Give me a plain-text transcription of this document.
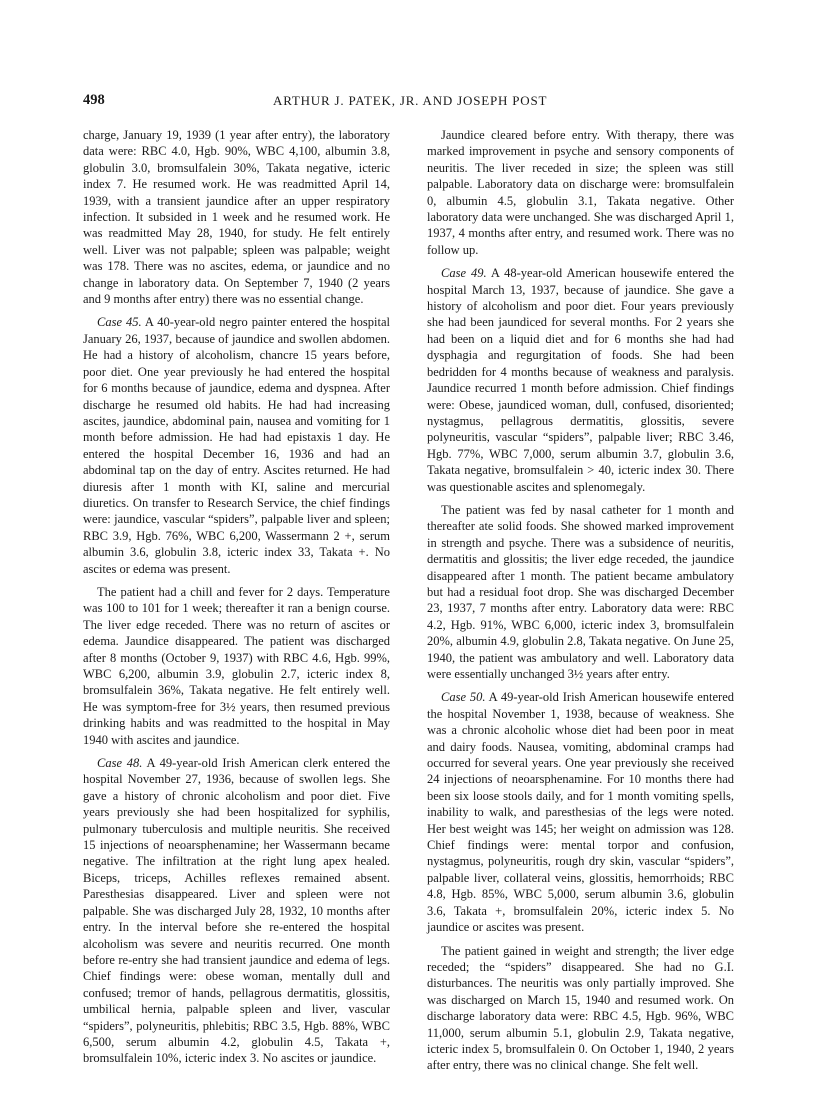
498	ARTHUR J. PATEK, JR. AND JOSEPH POST

charge, January 19, 1939 (1 year after entry), the laboratory data were: RBC 4.0, Hgb. 90%, WBC 4,100, albumin 3.8, globulin 3.0, bromsulfalein 30%, Takata negative, icteric index 7. He resumed work. He was readmitted April 14, 1939, with a transient jaundice after an upper respiratory infection. It subsided in 1 week and he resumed work. He was readmitted May 28, 1940, for study. He felt entirely well. Liver was not palpable; spleen was palpable; weight was 178. There was no ascites, edema, or jaundice and no change in laboratory data. On September 7, 1940 (2 years and 9 months after entry) there was no essential change.

Case 45. A 40-year-old negro painter entered the hospital January 26, 1937, because of jaundice and swollen abdomen. He had a history of alcoholism, chancre 15 years before, poor diet. One year previously he had entered the hospital for 6 months because of jaundice, edema and dyspnea. After discharge he resumed old habits. He had had increasing ascites, jaundice, abdominal pain, nausea and vomiting for 1 month before admission. He had had epistaxis 1 day. He entered the hospital December 16, 1936 and had an abdominal tap on the day of entry. Ascites returned. He had diuresis after 1 month with KI, saline and mercurial diuretics. On transfer to Research Service, the chief findings were: jaundice, vascular “spiders”, palpable liver and spleen; RBC 3.9, Hgb. 76%, WBC 6,200, Wassermann 2 +, serum albumin 3.6, globulin 3.8, icteric index 33, Takata +. No ascites or edema was present.

The patient had a chill and fever for 2 days. Temperature was 100 to 101 for 1 week; thereafter it ran a benign course. The liver edge receded. There was no return of ascites or edema. Jaundice disappeared. The patient was discharged after 8 months (October 9, 1937) with RBC 4.6, Hgb. 99%, WBC 6,200, albumin 3.9, globulin 2.7, icteric index 8, bromsulfalein 36%, Takata negative. He felt entirely well. He was symptom-free for 3½ years, then resumed previous drinking habits and was readmitted to the hospital in May 1940 with ascites and jaundice.

Case 48. A 49-year-old Irish American clerk entered the hospital November 27, 1936, because of swollen legs. She gave a history of chronic alcoholism and poor diet. Five years previously she had been hospitalized for syphilis, pulmonary tuberculosis and multiple neuritis. She received 15 injections of neoarsphenamine; her Wassermann became negative. The infiltration at the right lung apex healed. Biceps, triceps, Achilles reflexes remained absent. Paresthesias disappeared. Liver and spleen were not palpable. She was discharged July 28, 1932, 10 months after entry. In the interval before she re-entered the hospital alcoholism was severe and neuritis recurred. One month before re-entry she had transient jaundice and edema of legs. Chief findings were: obese woman, mentally dull and confused; tremor of hands, pellagrous dermatitis, glossitis, umbilical hernia, palpable spleen and liver, vascular “spiders”, polyneuritis, phlebitis; RBC 3.5, Hgb. 88%, WBC 6,500, serum albumin 4.2, globulin 4.5, Takata +, bromsulfalein 10%, icteric index 3. No ascites or jaundice.

Jaundice cleared before entry. With therapy, there was marked improvement in psyche and sensory components of neuritis. The liver receded in size; the spleen was still palpable. Laboratory data on discharge were: bromsulfalein 0, albumin 4.5, globulin 3.1, Takata negative. Other laboratory data were unchanged. She was discharged April 1, 1937, 4 months after entry, and resumed work. There was no follow up.

Case 49. A 48-year-old American housewife entered the hospital March 13, 1937, because of jaundice. She gave a history of alcoholism and poor diet. Four years previously she had been jaundiced for several months. For 2 years she had been on a liquid diet and for 6 months she had had dysphagia and regurgitation of foods. She had been bedridden for 4 months because of weakness and paralysis. Jaundice recurred 1 month before admission. Chief findings were: Obese, jaundiced woman, dull, confused, disoriented; nystagmus, pellagrous dermatitis, glossitis, severe polyneuritis, vascular “spiders”, palpable liver; RBC 3.46, Hgb. 77%, WBC 7,000, serum albumin 3.7, globulin 3.6, Takata negative, bromsulfalein > 40, icteric index 30. There was questionable ascites and splenomegaly.

The patient was fed by nasal catheter for 1 month and thereafter ate solid foods. She showed marked improvement in strength and psyche. There was a subsidence of neuritis, dermatitis and glossitis; the liver edge receded, the jaundice disappeared after 1 month. The patient became ambulatory but had a residual foot drop. She was discharged December 23, 1937, 7 months after entry. Laboratory data were: RBC 4.2, Hgb. 91%, WBC 6,000, icteric index 3, bromsulfalein 20%, albumin 4.9, globulin 2.8, Takata negative. On June 25, 1940, the patient was ambulatory and well. Laboratory data were essentially unchanged 3½ years after entry.

Case 50. A 49-year-old Irish American housewife entered the hospital November 1, 1938, because of weakness. She was a chronic alcoholic whose diet had been poor in meat and dairy foods. Nausea, vomiting, abdominal cramps had occurred for several years. One year previously she received 24 injections of neoarsphenamine. For 10 months there had been six loose stools daily, and for 1 month vomiting spells, inability to walk, and paresthesias of the legs were noted. Her best weight was 145; her weight on admission was 128. Chief findings were: mental torpor and confusion, nystagmus, polyneuritis, rough dry skin, vascular “spiders”, palpable liver, collateral veins, glossitis, hemorrhoids; RBC 4.8, Hgb. 85%, WBC 5,000, serum albumin 3.6, globulin 3.6, Takata +, bromsulfalein 20%, icteric index 5. No jaundice or ascites was present.

The patient gained in weight and strength; the liver edge receded; the “spiders” disappeared. She had no G.I. disturbances. The neuritis was only partially improved. She was discharged on March 15, 1940 and resumed work. On discharge laboratory data were: RBC 4.5, Hgb. 96%, WBC 11,000, serum albumin 5.1, globulin 2.9, Takata negative, icteric index 5, bromsulfalein 0. On October 1, 1940, 2 years after entry, there was no clinical change. She felt well.
